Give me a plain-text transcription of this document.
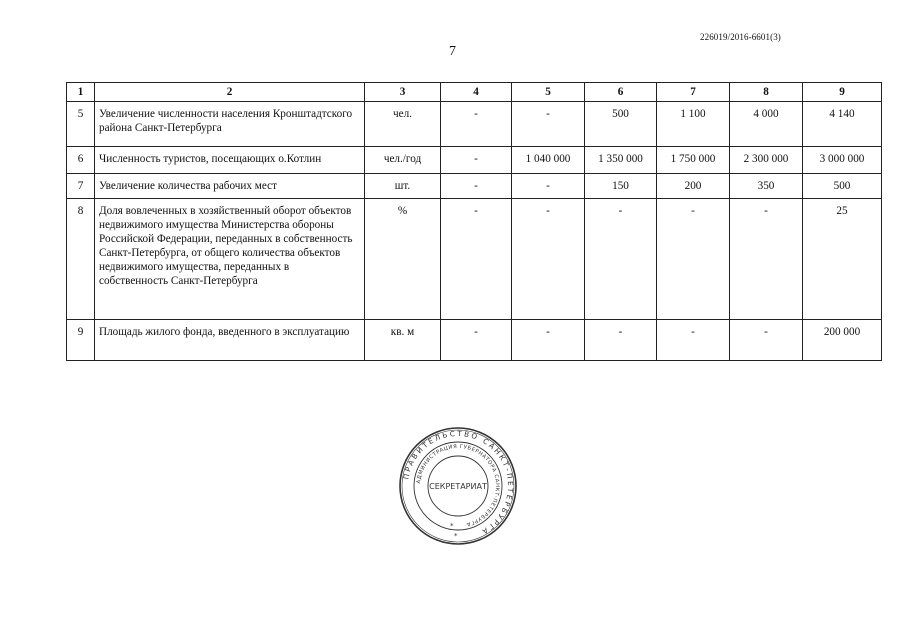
226019/2016-6601(3)
7
1	2	3	4	5	6	7	8	9
5	Увеличение численности населения Кронштадтского района Санкт-Петербурга	чел.	-	-	500	1 100	4 000	4 140
6	Численность туристов, посещающих о.Котлин	чел./год	-	1 040 000	1 350 000	1 750 000	2 300 000	3 000 000
7	Увеличение количества рабочих мест	шт.	-	-	150	200	350	500
8	Доля вовлеченных в хозяйственный оборот объектов недвижимого имущества Министерства обороны Российской Федерации, переданных в собственность Санкт-Петербурга, от общего количества объектов недвижимого имущества, переданных в собственность Санкт-Петербурга	%	-	-	-	-	-	25
9	Площадь жилого фонда, введенного в эксплуатацию	кв. м	-	-	-	-	-	200 000
ПРАВИТЕЛЬСТВО САНКТ-ПЕТЕРБУРГА
АДМИНИСТРАЦИЯ ГУБЕРНАТОРА САНКТ-ПЕТЕРБУРГА
СЕКРЕТАРИАТ
*
*
